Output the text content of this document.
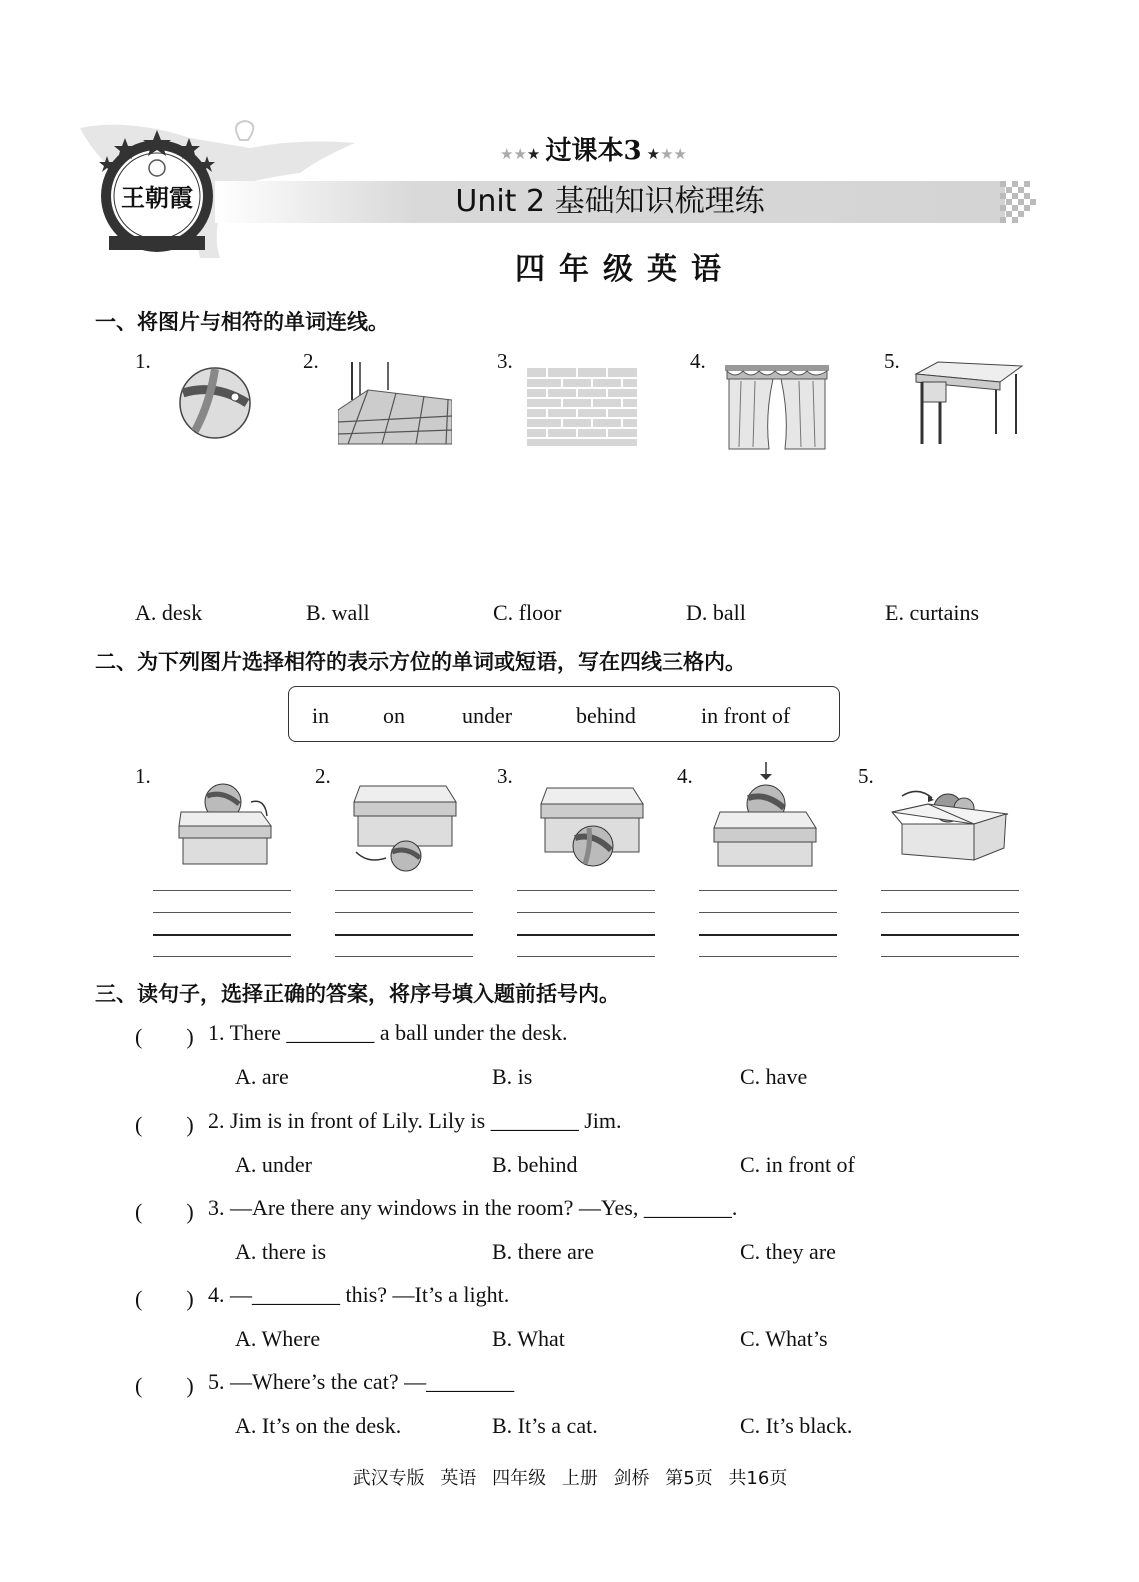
王朝霞
★★★ 过课本3 ★★★
Unit 2 基础知识梳理练
四年级英语
一、将图片与相符的单词连线。
1.	2.	3.	4.	5.
A. desk	B. wall	C. floor	D. ball	E. curtains
二、为下列图片选择相符的表示方位的单词或短语，写在四线三格内。
in on	under	behind	in front of
1.	2.	3.	4.	5.
三、读句子，选择正确的答案，将序号填入题前括号内。
(　　) 1. There ________ a ball under the desk.
A. are	B. is	C. have
(　　) 2. Jim is in front of Lily. Lily is ________ Jim.
A. under	B. behind	C. in front of
(　　) 3. —Are there any windows in the room? —Yes, ________.
A. there is	B. there are	C. they are
(　　) 4. —________ this? —It’s a light.
A. Where	B. What	C. What’s
(　　) 5. —Where’s the cat? —________
A. It’s on the desk.	B. It’s a cat.	C. It’s black.
武汉专版 英语 四年级 上册 剑桥 第5页 共16页
